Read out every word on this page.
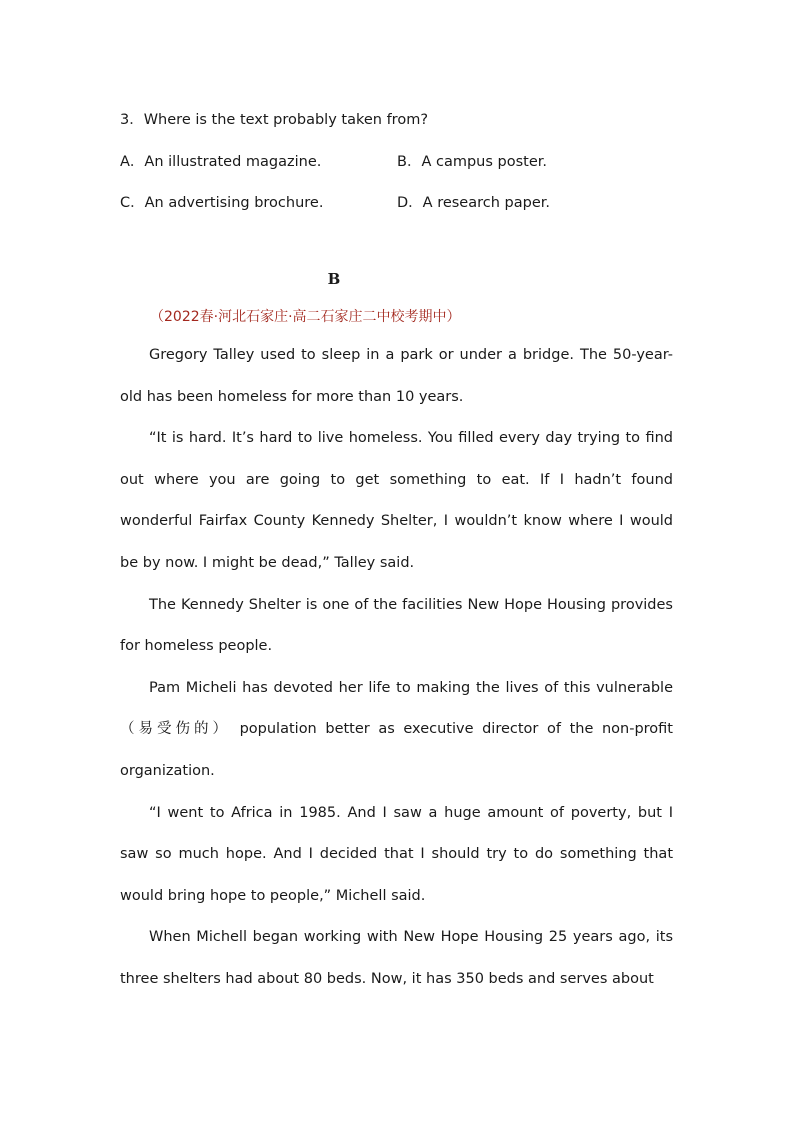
3．Where is the text probably taken from?
A．An illustrated magazine.	B．A campus poster.
C．An advertising brochure.	D．A research paper.
B
（2022春·河北石家庄·高二石家庄二中校考期中）

Gregory Talley used to sleep in a park or under a bridge. The 50-year-old has been homeless for more than 10 years.

“It is hard. It’s hard to live homeless. You filled every day trying to find out where you are going to get something to eat. If I hadn’t found wonderful Fairfax County Kennedy Shelter, I wouldn’t know where I would be by now. I might be dead,” Talley said.

The Kennedy Shelter is one of the facilities New Hope Housing provides for homeless people.

Pam Micheli has devoted her life to making the lives of this vulnerable （易受伤的） population better as executive director of the non-profit organization.

“I went to Africa in 1985. And I saw a huge amount of poverty, but I saw so much hope. And I decided that I should try to do something that would bring hope to people,” Michell said.

When Michell began working with New Hope Housing 25 years ago, its three shelters had about 80 beds. Now, it has 350 beds and serves about
